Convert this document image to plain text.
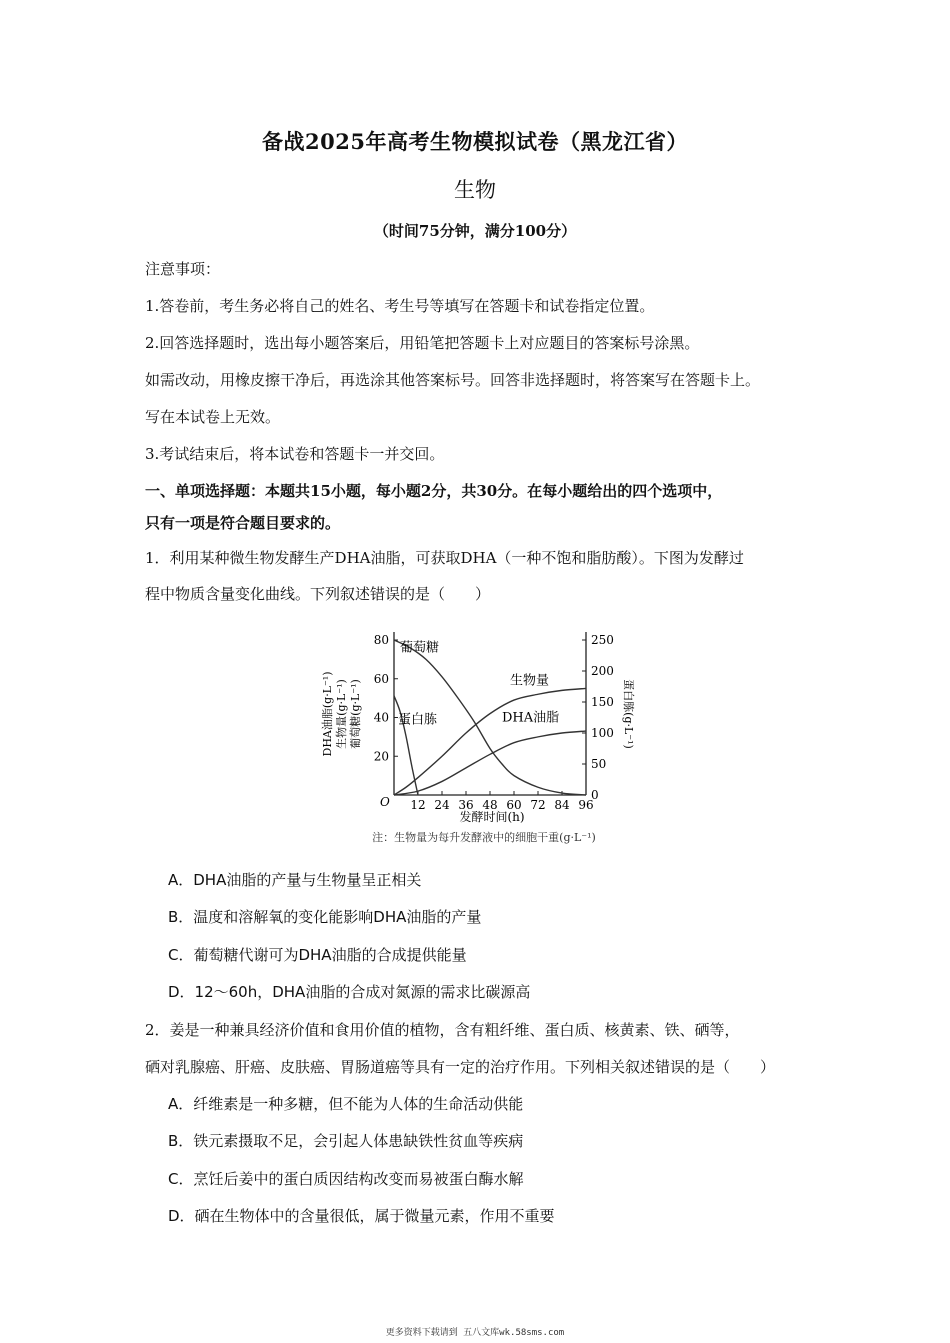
备战2025年高考生物模拟试卷（黑龙江省）
生物
（时间75分钟，满分100分）
注意事项：
1.答卷前，考生务必将自己的姓名、考生号等填写在答题卡和试卷指定位置。
2.回答选择题时，选出每小题答案后，用铅笔把答题卡上对应题目的答案标号涂黑。
如需改动，用橡皮擦干净后，再选涂其他答案标号。回答非选择题时，将答案写在答题卡上。
写在本试卷上无效。
3.考试结束后，将本试卷和答题卡一并交回。
一、单项选择题：本题共15小题，每小题2分，共30分。在每小题给出的四个选项中，
只有一项是符合题目要求的。
1．利用某种微生物发酵生产DHA油脂，可获取DHA（一种不饱和脂肪酸）。下图为发酵过
程中物质含量变化曲线。下列叙述错误的是（　　）
12 24 36 48 60 72 84 96
20
40
60
80
0
50
100
150
200
250
葡萄糖
蛋白胨
生物量
DHA油脂
O
发酵时间(h)
DHA油脂(g·L⁻¹) 生物量(g·L⁻¹) 葡萄糖(g·L⁻¹)	蛋白胨(g·L⁻¹)
注：生物量为每升发酵液中的细胞干重(g·L⁻¹)
A．DHA油脂的产量与生物量呈正相关
B．温度和溶解氧的变化能影响DHA油脂的产量
C．葡萄糖代谢可为DHA油脂的合成提供能量
D．12～60h，DHA油脂的合成对氮源的需求比碳源高
2．姜是一种兼具经济价值和食用价值的植物，含有粗纤维、蛋白质、核黄素、铁、硒等，
硒对乳腺癌、肝癌、皮肤癌、胃肠道癌等具有一定的治疗作用。下列相关叙述错误的是（　　）
A．纤维素是一种多糖，但不能为人体的生命活动供能
B．铁元素摄取不足，会引起人体患缺铁性贫血等疾病
C．烹饪后姜中的蛋白质因结构改变而易被蛋白酶水解
D．硒在生物体中的含量很低，属于微量元素，作用不重要
更多资料下载请到 五八文库wk.58sms.com
